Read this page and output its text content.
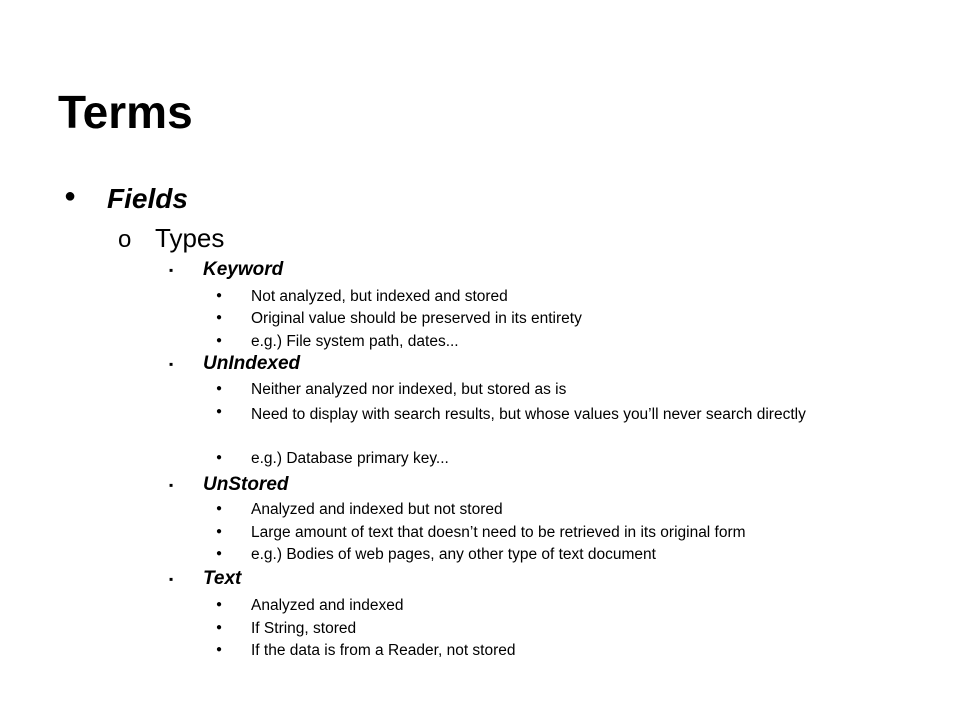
Terms
● Fields
o Types
▪ Keyword
● Not analyzed, but indexed and stored
● Original value should be preserved in its entirety
● e.g.) File system path, dates...
▪ UnIndexed
● Neither analyzed nor indexed, but stored as is
● Need to display with search results, but whose values you’ll never search directly
● e.g.) Database primary key...
▪ UnStored
● Analyzed and indexed but not stored
● Large amount of text that doesn’t need to be retrieved in its original form
● e.g.) Bodies of web pages, any other type of text document
▪ Text
● Analyzed and indexed
● If String, stored
● If the data is from a Reader, not stored
